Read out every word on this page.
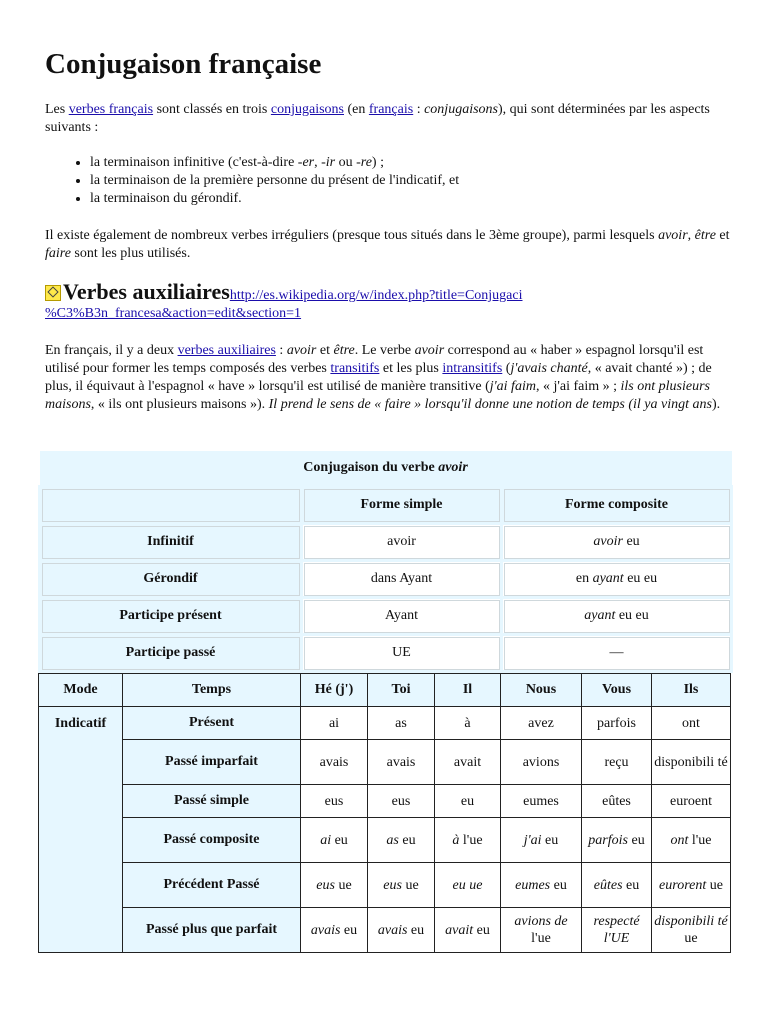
Conjugaison française

Les verbes français sont classés en trois conjugaisons (en français : conjugaisons), qui sont déterminées par les aspects suivants :

• la terminaison infinitive (c'est-à-dire -er, -ir ou -re) ;
• la terminaison de la première personne du présent de l'indicatif, et
• la terminaison du gérondif.

Il existe également de nombreux verbes irréguliers (presque tous situés dans le 3ème groupe), parmi lesquels avoir, être et faire sont les plus utilisés.

Verbes auxiliaireshttp://es.wikipedia.org/w/index.php?title=Conjugaci
%C3%B3n_francesa&action=edit&section=1

En français, il y a deux verbes auxiliaires : avoir et être. Le verbe avoir correspond au « haber » espagnol lorsqu'il est utilisé pour former les temps composés des verbes transitifs et les plus intransitifs (j'avais chanté, « avait chanté ») ; de plus, il équivaut à l'espagnol « have » lorsqu'il est utilisé de manière transitive (j'ai faim, « j'ai faim » ; ils ont plusieurs maisons, « ils ont plusieurs maisons »). Il prend le sens de « faire » lorsqu'il donne une notion de temps (il ya vingt ans).

Conjugaison du verbe avoir		
	Forme simple	Forme composite
Infinitif	avoir	avoir eu
Gérondif	dans Ayant	en ayant eu eu
Participe présent	Ayant	ayant eu eu
Participe passé	UE	—
Mode	Temps	Hé (j')	Toi	Il	Nous	Vous	Ils
Indicatif	Présent	ai	as	à	avez	parfois	ont
	Passé imparfait	avais	avais	avait	avions	reçu	disponibili té
	Passé simple	eus	eus	eu	eumes	eûtes	euroent
	Passé composite	ai eu	as eu	à l'ue	j'ai eu	parfois eu	ont l'ue
	Précédent Passé	eus ue	eus ue	eu ue	eumes eu	eûtes eu	eurorent ue
	Passé plus que parfait	avais eu	avais eu	avait eu	avions de l'ue	respecté l'UE	disponibili té ue
